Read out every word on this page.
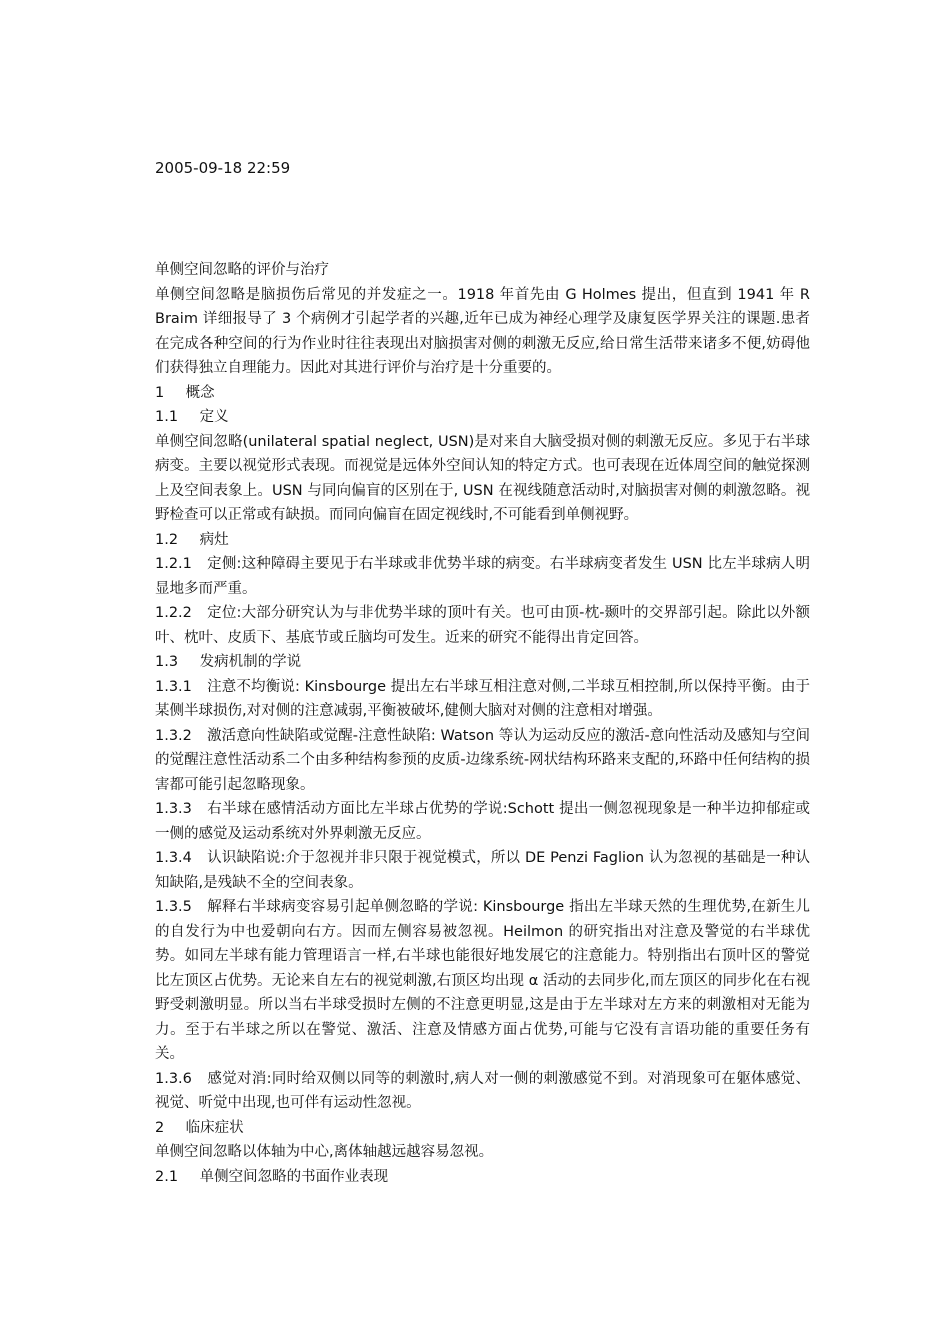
2005-09-18 22:59

单侧空间忽略的评价与治疗

单侧空间忽略是脑损伤后常见的并发症之一。1918 年首先由 G Holmes 提出，但直到 1941 年 R Braim 详细报导了 3 个病例才引起学者的兴趣,近年已成为神经心理学及康复医学界关注的课题.患者在完成各种空间的行为作业时往往表现出对脑损害对侧的刺激无反应,给日常生活带来诸多不便,妨碍他们获得独立自理能力。因此对其进行评价与治疗是十分重要的。

1 概念

1.1 定义

单侧空间忽略(unilateral spatial neglect, USN)是对来自大脑受损对侧的刺激无反应。多见于右半球病变。主要以视觉形式表现。而视觉是远体外空间认知的特定方式。也可表现在近体周空间的触觉探测上及空间表象上。USN 与同向偏盲的区别在于, USN 在视线随意活动时,对脑损害对侧的刺激忽略。视野检查可以正常或有缺损。而同向偏盲在固定视线时,不可能看到单侧视野。

1.2 病灶

1.2.1 定侧:这种障碍主要见于右半球或非优势半球的病变。右半球病变者发生 USN 比左半球病人明显地多而严重。

1.2.2 定位:大部分研究认为与非优势半球的顶叶有关。也可由顶-枕-颞叶的交界部引起。除此以外额叶、枕叶、皮质下、基底节或丘脑均可发生。近来的研究不能得出肯定回答。

1.3 发病机制的学说

1.3.1 注意不均衡说: Kinsbourge 提出左右半球互相注意对侧,二半球互相控制,所以保持平衡。由于某侧半球损伤,对对侧的注意减弱,平衡被破坏,健侧大脑对对侧的注意相对增强。

1.3.2 激活意向性缺陷或觉醒-注意性缺陷: Watson 等认为运动反应的激活-意向性活动及感知与空间的觉醒注意性活动系二个由多种结构参预的皮质-边缘系统-网状结构环路来支配的,环路中任何结构的损害都可能引起忽略现象。

1.3.3 右半球在感情活动方面比左半球占优势的学说:Schott 提出一侧忽视现象是一种半边抑郁症或一侧的感觉及运动系统对外界刺激无反应。

1.3.4 认识缺陷说:介于忽视并非只限于视觉模式，所以 DE Penzi Faglion 认为忽视的基础是一种认知缺陷,是残缺不全的空间表象。

1.3.5 解释右半球病变容易引起单侧忽略的学说: Kinsbourge 指出左半球天然的生理优势,在新生儿的自发行为中也爱朝向右方。因而左侧容易被忽视。Heilmon 的研究指出对注意及警觉的右半球优势。如同左半球有能力管理语言一样,右半球也能很好地发展它的注意能力。特别指出右顶叶区的警觉比左顶区占优势。无论来自左右的视觉刺激,右顶区均出现 α 活动的去同步化,而左顶区的同步化在右视野受刺激明显。所以当右半球受损时左侧的不注意更明显,这是由于左半球对左方来的刺激相对无能为力。至于右半球之所以在警觉、激活、注意及情感方面占优势,可能与它没有言语功能的重要任务有关。

1.3.6 感觉对消:同时给双侧以同等的刺激时,病人对一侧的刺激感觉不到。对消现象可在躯体感觉、视觉、听觉中出现,也可伴有运动性忽视。

2 临床症状

单侧空间忽略以体轴为中心,离体轴越远越容易忽视。

2.1 单侧空间忽略的书面作业表现
